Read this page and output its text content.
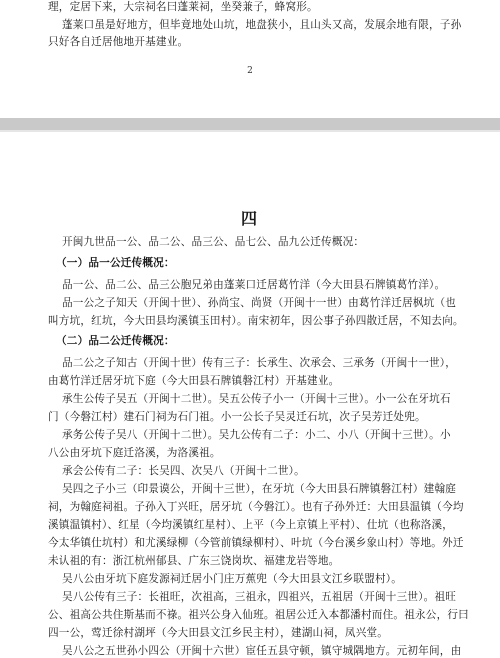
理，定居下来，大宗祠名曰蓬莱祠，坐癸兼子，蜂窝形。
蓬莱口虽是好地方，但毕竟地处山坑，地盘狭小，且山头又高，发展余地有限，子孙
只好各自迁居他地开基建业。
2
四
开闽九世品一公、品二公、品三公、品七公、品九公迁传概况：
（一）品一公迁传概况：
品一公、品二公、品三公胞兄弟由蓬莱口迁居葛竹洋（今大田县石牌镇葛竹洋）。
品一公之子知天（开闽十世）、孙尚宝、尚贤（开闽十一世）由葛竹洋迁居枫坑（也
叫方坑，红坑，今大田县均溪镇玉田村）。南宋初年，因公事子孙四散迁居，不知去向。
（二）品二公迁传概况：
品二公之子知古（开闽十世）传有三子：长承生、次承会、三承务（开闽十一世），
由葛竹洋迁居牙坑下庭（今大田县石牌镇磐江村）开基建业。
承生公传子吴五（开闽十二世）。吴五公传子小一（开闽十三世）。小一公在牙坑石
门（今磐江村）建石门祠为石门祖。小一公长子吴灵迁石坑，次子吴芳迁处兜。
承务公传子吴八（开闽十二世）。吴九公传有二子：小二、小八（开闽十三世）。小
八公由牙坑下庭迁洛溪，为洛溪祖。
承会公传有二子：长吴四、次吴八（开闽十二世）。
吴四之子小三（印景谟公，开闽十三世），在牙坑（今大田县石牌镇磐江村）建翰庭
祠，为翰庭祠祖。子孙入丁兴旺，居牙坑（今磐江）。也有子孙外迁：大田县温镇（今均
溪镇温镇村）、红星（今均溪镇红星村）、上平（今上京镇上平村）、仕坑（也称洛溪，
今太华镇仕坑村）和尤溪绿柳（今管前镇绿柳村）、叶坑（今台溪乡象山村）等地。外迁
未认祖的有：浙江杭州郁县、广东三饶岗坎、福建龙岩等地。
吴八公由牙坑下庭发源祠迁居小门庄万蕉兜（今大田县文江乡联盟村）。
吴八公传有三子：长祖旺，次祖高，三祖永，四祖兴，五祖居（开闽十三世）。祖旺
公、祖高公共住斯基而不祿。祖兴公身入仙班。祖居公迁入本都潘村而住。祖永公，行曰
四一公，莺迁徐村湖坪（今大田县文江乡民主村），建湖山祠，凤兴堂。
吴八公之五世孙小四公（开闽十六世）宦任五县守顿，镇守城隅地方。元初年间，由
